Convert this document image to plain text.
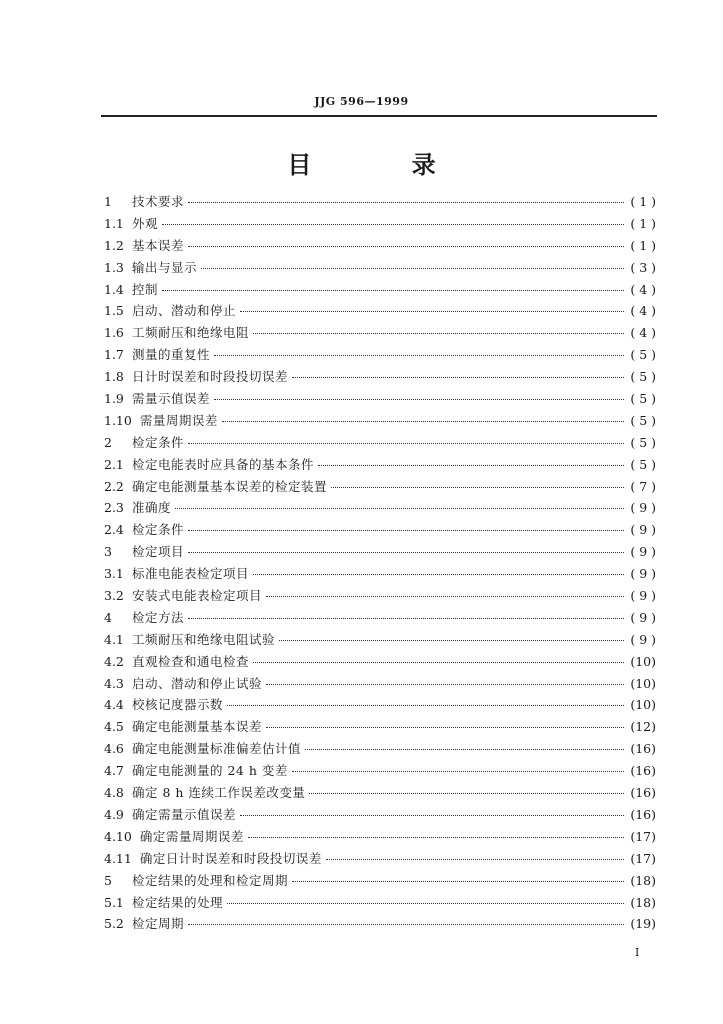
JJG 596—1999
目 录
1	技术要求	( 1 )
1.1 外观	( 1 )
1.2 基本误差	( 1 )
1.3 输出与显示	( 3 )
1.4 控制	( 4 )
1.5 启动、潜动和停止	( 4 )
1.6 工频耐压和绝缘电阻	( 4 )
1.7 测量的重复性	( 5 )
1.8 日计时误差和时段投切误差	( 5 )
1.9 需量示值误差	( 5 )
1.10 需量周期误差	( 5 )
2	检定条件	( 5 )
2.1 检定电能表时应具备的基本条件	( 5 )
2.2 确定电能测量基本误差的检定装置	( 7 )
2.3 准确度	( 9 )
2.4 检定条件	( 9 )
3	检定项目	( 9 )
3.1 标准电能表检定项目	( 9 )
3.2 安装式电能表检定项目	( 9 )
4	检定方法	( 9 )
4.1 工频耐压和绝缘电阻试验	( 9 )
4.2 直观检查和通电检查	(10)
4.3 启动、潜动和停止试验	(10)
4.4 校核记度器示数	(10)
4.5 确定电能测量基本误差	(12)
4.6 确定电能测量标准偏差估计值	(16)
4.7 确定电能测量的 24 h 变差	(16)
4.8 确定 8 h 连续工作误差改变量	(16)
4.9 确定需量示值误差	(16)
4.10 确定需量周期误差	(17)
4.11 确定日计时误差和时段投切误差	(17)
5	检定结果的处理和检定周期	(18)
5.1 检定结果的处理	(18)
5.2 检定周期	(19)
I
